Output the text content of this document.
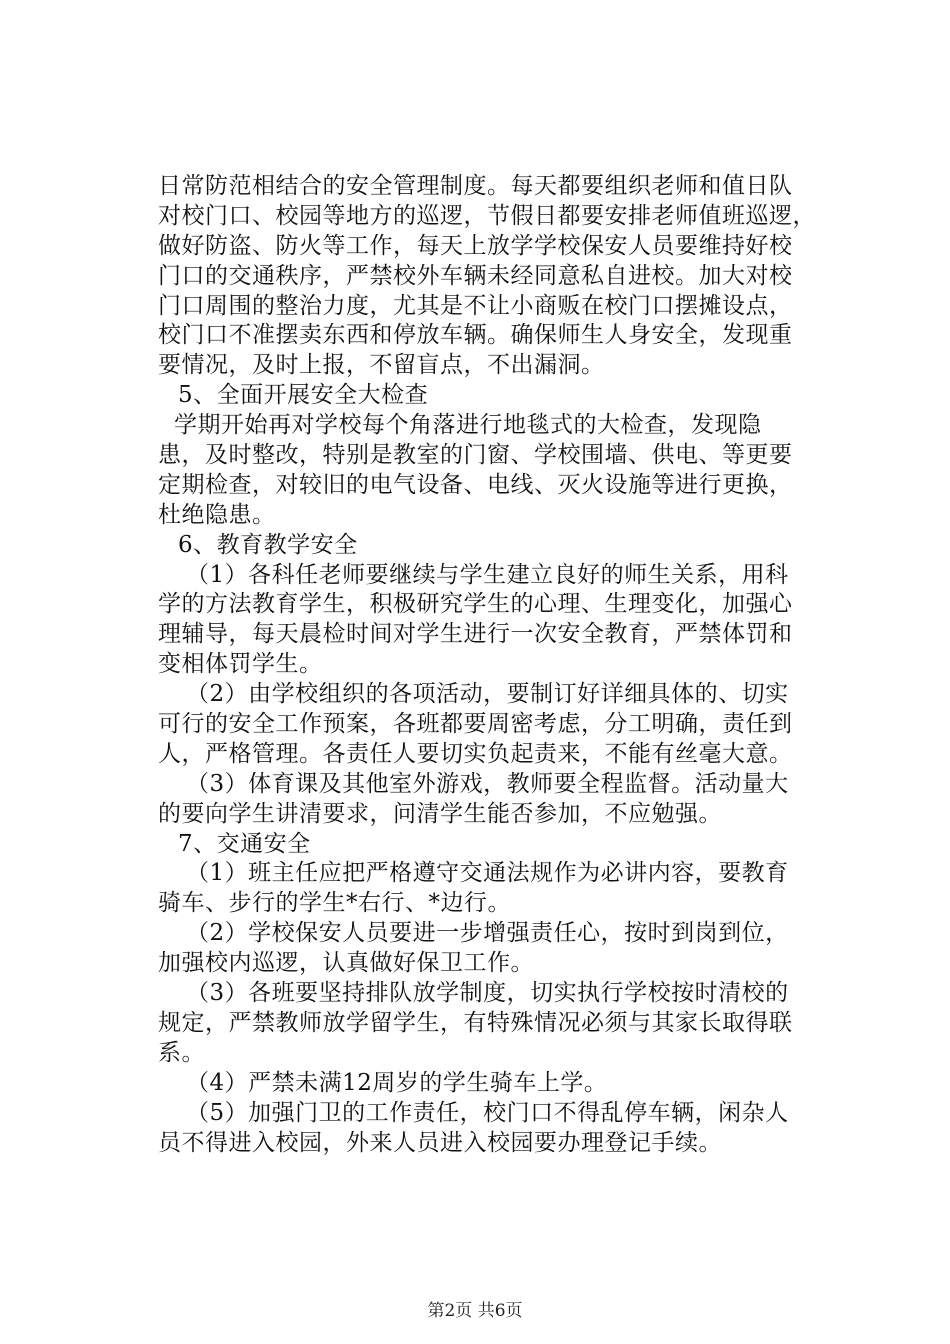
日常防范相结合的安全管理制度。每天都要组织老师和值日队
对校门口、校园等地方的巡逻，节假日都要安排老师值班巡逻，
做好防盗、防火等工作，每天上放学学校保安人员要维持好校
门口的交通秩序，严禁校外车辆未经同意私自进校。加大对校
门口周围的整治力度，尤其是不让小商贩在校门口摆摊设点，
校门口不准摆卖东西和停放车辆。确保师生人身安全，发现重
要情况，及时上报，不留盲点，不出漏洞。
5、全面开展安全大检查
学期开始再对学校每个角落进行地毯式的大检查，发现隐
患，及时整改，特别是教室的门窗、学校围墙、供电、等更要
定期检查，对较旧的电气设备、电线、灭火设施等进行更换，
杜绝隐患。
6、教育教学安全
（1）各科任老师要继续与学生建立良好的师生关系，用科
学的方法教育学生，积极研究学生的心理、生理变化，加强心
理辅导，每天晨检时间对学生进行一次安全教育，严禁体罚和
变相体罚学生。
（2）由学校组织的各项活动，要制订好详细具体的、切实
可行的安全工作预案，各班都要周密考虑，分工明确，责任到
人，严格管理。各责任人要切实负起责来，不能有丝毫大意。
（3）体育课及其他室外游戏，教师要全程监督。活动量大
的要向学生讲清要求，问清学生能否参加，不应勉强。
7、交通安全
（1）班主任应把严格遵守交通法规作为必讲内容，要教育
骑车、步行的学生*右行、*边行。
（2）学校保安人员要进一步增强责任心，按时到岗到位，
加强校内巡逻，认真做好保卫工作。
（3）各班要坚持排队放学制度，切实执行学校按时清校的
规定，严禁教师放学留学生，有特殊情况必须与其家长取得联
系。
（4）严禁未满12周岁的学生骑车上学。
（5）加强门卫的工作责任，校门口不得乱停车辆，闲杂人
员不得进入校园，外来人员进入校园要办理登记手续。
第2页 共6页
